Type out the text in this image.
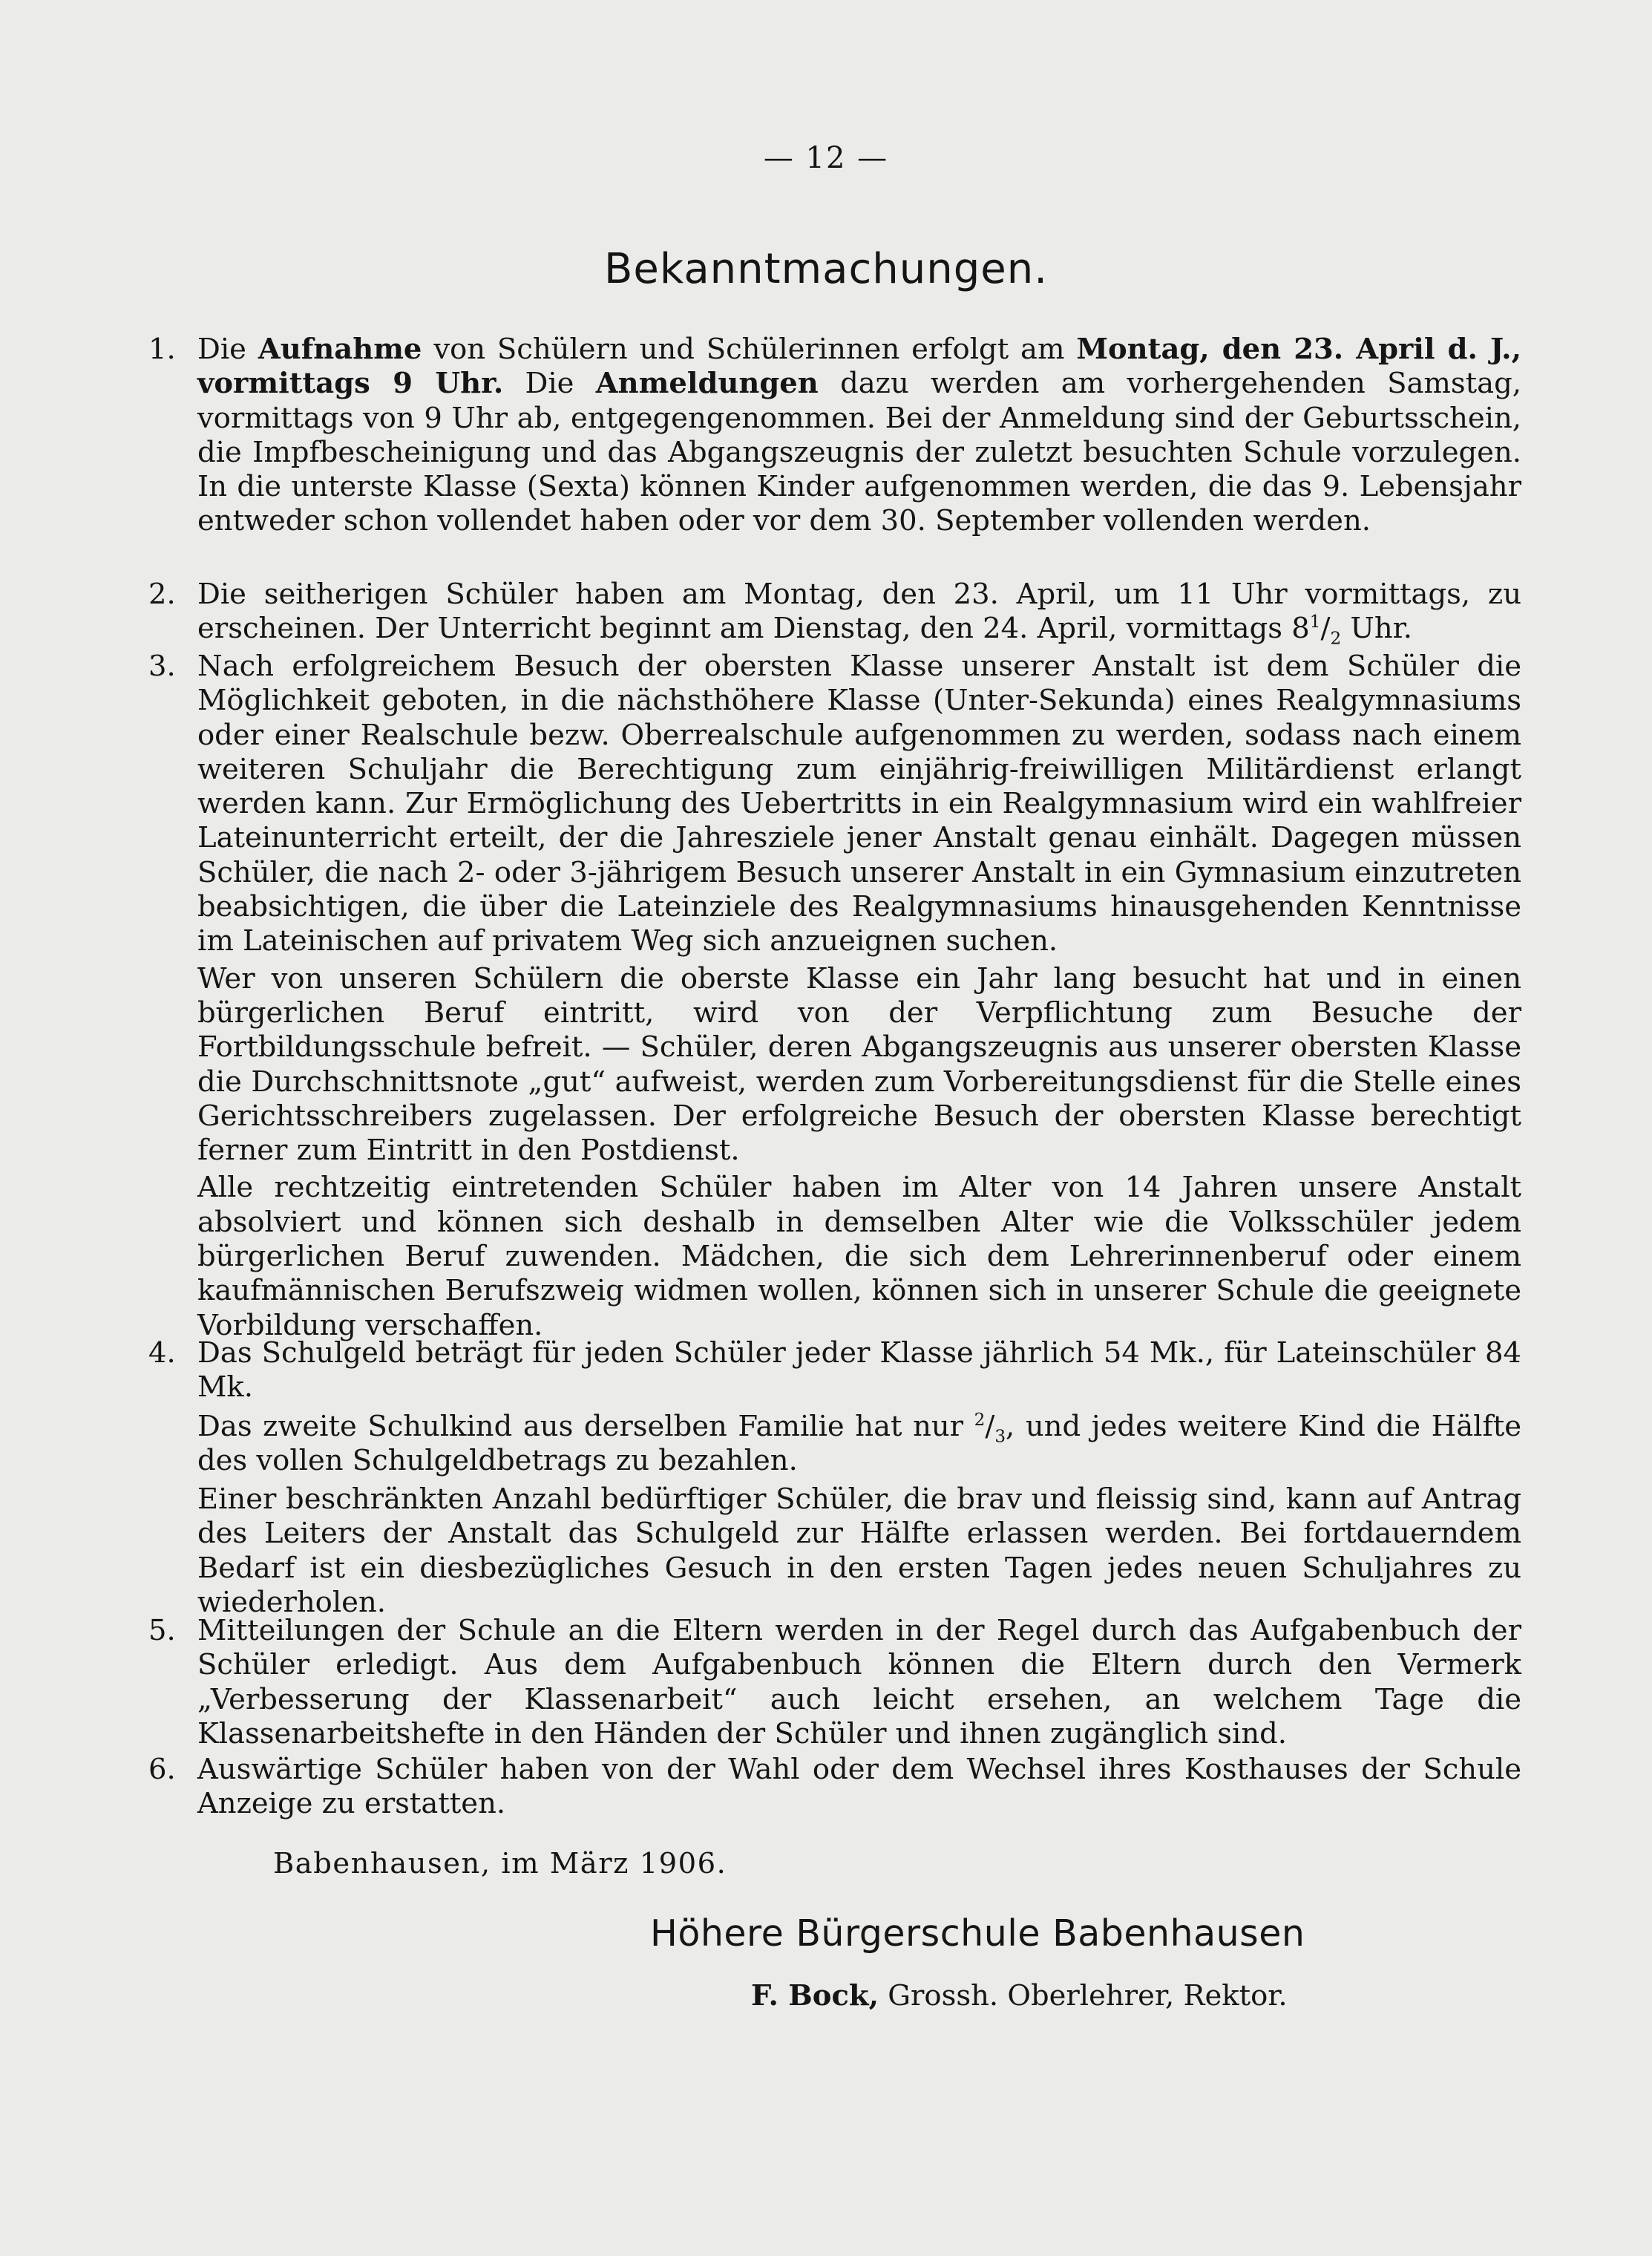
— 12 —
Bekanntmachungen.
1. Die Aufnahme von Schülern und Schülerinnen erfolgt am Montag, den 23. April d. J., vormittags 9 Uhr. Die Anmeldungen dazu werden am vorhergehenden Samstag, vormittags von 9 Uhr ab, entgegengenommen. Bei der Anmeldung sind der Geburtsschein, die Impfbescheinigung und das Abgangszeugnis der zuletzt besuchten Schule vorzulegen. In die unterste Klasse (Sexta) können Kinder aufgenommen werden, die das 9. Lebensjahr entweder schon vollendet haben oder vor dem 30. September vollenden werden.

2. Die seitherigen Schüler haben am Montag, den 23. April, um 11 Uhr vormittags, zu erscheinen. Der Unterricht beginnt am Dienstag, den 24. April, vormittags $8^1/_2$ Uhr.

3. Nach erfolgreichem Besuch der obersten Klasse unserer Anstalt ist dem Schüler die Möglichkeit geboten, in die nächsthöhere Klasse (Unter-Sekunda) eines Realgymnasiums oder einer Realschule bezw. Oberrealschule aufgenommen zu werden, sodass nach einem weiteren Schuljahr die Berechtigung zum einjährig-freiwilligen Militärdienst erlangt werden kann. Zur Ermöglichung des Uebertritts in ein Realgymnasium wird ein wahlfreier Lateinunterricht erteilt, der die Jahresziele jener Anstalt genau einhält. Dagegen müssen Schüler, die nach 2- oder 3-jährigem Besuch unserer Anstalt in ein Gymnasium einzutreten beabsichtigen, die über die Lateinziele des Realgymnasiums hinausgehenden Kenntnisse im Lateinischen auf privatem Weg sich anzueignen suchen.

Wer von unseren Schülern die oberste Klasse ein Jahr lang besucht hat und in einen bürgerlichen Beruf eintritt, wird von der Verpflichtung zum Besuche der Fortbildungsschule befreit. — Schüler, deren Abgangszeugnis aus unserer obersten Klasse die Durchschnittsnote „gut“ aufweist, werden zum Vorbereitungsdienst für die Stelle eines Gerichtsschreibers zugelassen. Der erfolgreiche Besuch der obersten Klasse berechtigt ferner zum Eintritt in den Postdienst.

Alle rechtzeitig eintretenden Schüler haben im Alter von 14 Jahren unsere Anstalt absolviert und können sich deshalb in demselben Alter wie die Volksschüler jedem bürgerlichen Beruf zuwenden. Mädchen, die sich dem Lehrerinnenberuf oder einem kaufmännischen Berufszweig widmen wollen, können sich in unserer Schule die geeignete Vorbildung verschaffen.

4. Das Schulgeld beträgt für jeden Schüler jeder Klasse jährlich 54 Mk., für Lateinschüler 84 Mk.

Das zweite Schulkind aus derselben Familie hat nur $^2/_3$, und jedes weitere Kind die Hälfte des vollen Schulgeldbetrags zu bezahlen.

Einer beschränkten Anzahl bedürftiger Schüler, die brav und fleissig sind, kann auf Antrag des Leiters der Anstalt das Schulgeld zur Hälfte erlassen werden. Bei fortdauerndem Bedarf ist ein diesbezügliches Gesuch in den ersten Tagen jedes neuen Schuljahres zu wiederholen.

5. Mitteilungen der Schule an die Eltern werden in der Regel durch das Aufgabenbuch der Schüler erledigt. Aus dem Aufgabenbuch können die Eltern durch den Vermerk „Verbesserung der Klassenarbeit“ auch leicht ersehen, an welchem Tage die Klassenarbeitshefte in den Händen der Schüler und ihnen zugänglich sind.

6. Auswärtige Schüler haben von der Wahl oder dem Wechsel ihres Kosthauses der Schule Anzeige zu erstatten.

Babenhausen, im März 1906.
Höhere Bürgerschule Babenhausen
F. Bock, Grossh. Oberlehrer, Rektor.
